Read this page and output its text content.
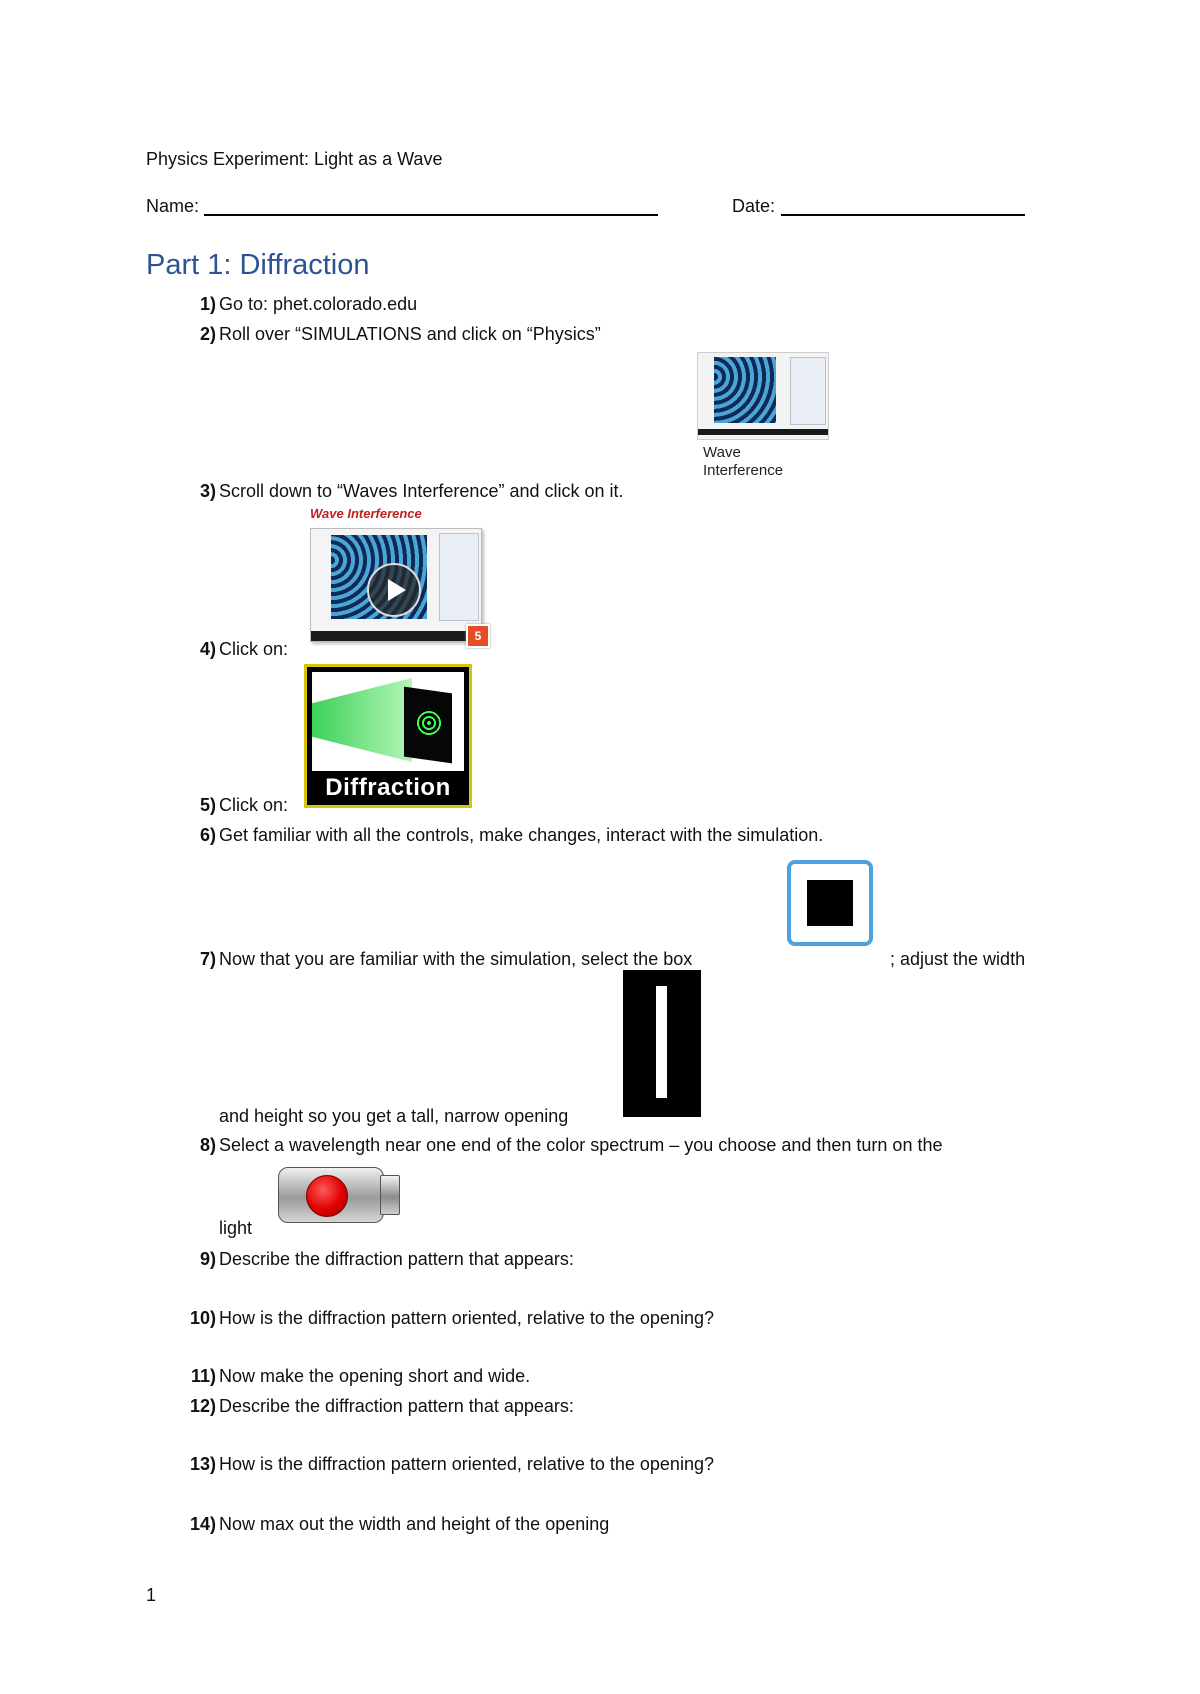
Physics Experiment: Light as a Wave
Name:	Date:
Part 1: Diffraction
1) Go to: phet.colorado.edu
2) Roll over “SIMULATIONS and click on “Physics”
Wave
Interference
3) Scroll down to “Waves Interference” and click on it.
Wave Interference
5
4) Click on:
Diffraction
5) Click on:
6) Get familiar with all the controls, make changes, interact with the simulation.
7) Now that you are familiar with the simulation, select the box	; adjust the width
and height so you get a tall, narrow opening
8) Select a wavelength near one end of the color spectrum – you choose and then turn on the
light
9) Describe the diffraction pattern that appears:
10) How is the diffraction pattern oriented, relative to the opening?
11) Now make the opening short and wide.
12) Describe the diffraction pattern that appears:
13) How is the diffraction pattern oriented, relative to the opening?
14) Now max out the width and height of the opening
1
